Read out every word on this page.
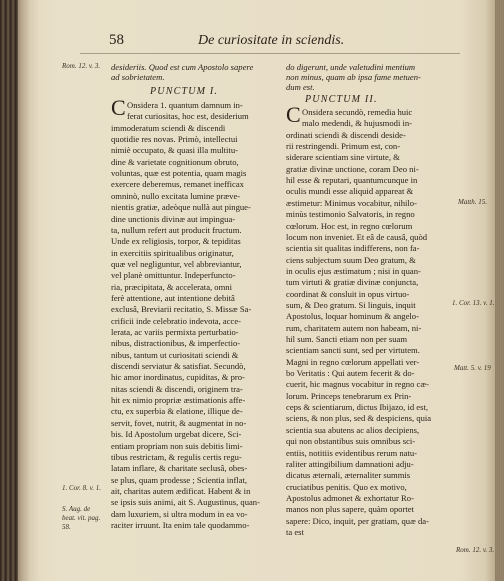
58	De curiositate in sciendis.
desideriis. Quod est cum Apostolo sapere
ad sobrietatem.
PUNCTUM I.
C Onsidera 1. quantum damnum in-
ferat curiositas, hoc est, desiderium
immoderatum sciendi & discendi
quotidie res novas. Primò, intellectui
nimiè occupato, & quasi illa multitu-
dine & varietate cognitionum obruto,
voluntas, quæ est potentia, quam magis
exercere deberemus, remanet inefficax
omninò, nullo excitata lumine præve-
nientis gratiæ, adeòque nullà aut pingue-
dine unctionis divinæ aut impingua-
ta, nullum refert aut producit fructum.
Unde ex religiosis, torpor, & tepiditas
in exercitiis spiritualibus originatur,
quæ vel negliguntur, vel abbreviantur,
vel planè omittuntur. Indeperfuncto-
ria, præcipitata, & accelerata, omni
ferè attentione, aut intentione debitâ
exclusâ, Breviarii recitatio, S. Missæ Sa-
crificii inde celebratio indevota, acce-
lerata, ac variis permixta perturbatio-
nibus, distractionibus, & imperfectio-
nibus, tantum ut curiositati sciendi &
discendi serviatur & satisfiat. Secundò,
hic amor inordinatus, cupiditas, & pro-
nitas sciendi & discendi, originem tra-
hit ex nimio propriæ æstimationis affe-
ctu, ex superbia & elatione, illique de-
servit, fovet, nutrit, & augmentat in no-
bis. Id Apostolum urgebat dicere, Sci-
entiam propriam non suis debitis limi-
tibus restrictam, & regulis certis regu-
latam inflare, & charitate seclusâ, obes-
se plus, quam prodesse ; Scientia inflat,
ait, charitas autem ædificat. Habent & in
se ipsis suis animi, ait S. Augustinus, quan-
dam luxuriem, si ultra modum in ea vo-
raciter irruunt. Ita enim tale quodammo-
do digerunt, unde valetudini mentium
non minus, quam ab ipsa fame metuen-
dum est.
PUNCTUM II.
C Onsidera secundò, remedia huic
malo medendi, & hujusmodi in-
ordinati sciendi & discendi deside-
rii restringendi. Primum est, con-
siderare scientiam sine virtute, &
gratiæ divinæ unctione, coram Deo ni-
hil esse & reputari, quantumcunque in
oculis mundi esse aliquid appareat &
æstimetur: Minimus vocabitur, nihilo-
minùs testimonio Salvatoris, in regno
cœlorum. Hoc est, in regno cœlorum
locum non inveniet. Et eâ de causâ, quòd
scientia sit qualitas indifferens, non fa-
ciens subjectum suum Deo gratum, &
in oculis ejus æstimatum ; nisi in quan-
tum virtuti & gratiæ divinæ conjuncta,
coordinat & consluit in opus virtuo-
sum, & Deo gratum. Si linguis, inquit
Apostolus, loquar hominum & angelo-
rum, charitatem autem non habeam, ni-
hil sum. Sancti etiam non per suam
scientiam sancti sunt, sed per virtutem.
Magni in regno cœlorum appellati ver-
bo Veritatis : Qui autem fecerit & do-
cuerit, hic magnus vocabitur in regno cæ-
lorum. Princeps tenebrarum ex Prin-
ceps & scientiarum, dictus Ibijazo, id est,
sciens, & non plus, sed & despiciens, quia
scientia sua abutens ac alios decipiens,
qui non obstantibus suis omnibus sci-
entiis, notitiis evidentibus rerum natu-
raliter attingibilium damnationi adju-
dicatus æternali, æternaliter summis
cruciatibus penitis. Quo ex motivo,
Apostolus admonet & exhortatur Ro-
manos non plus sapere, quàm oportet
sapere: Dico, inquit, per gratiam, quæ da-
ta est
Rom. 12. v. 3.
1. Cor. 8. v. 1.
S. Aug. de
beat. vit. pag.
58.
Matth. 15.
1. Cor. 13. v. 1.
Matt. 5. v. 19
Rom. 12. v. 3.
